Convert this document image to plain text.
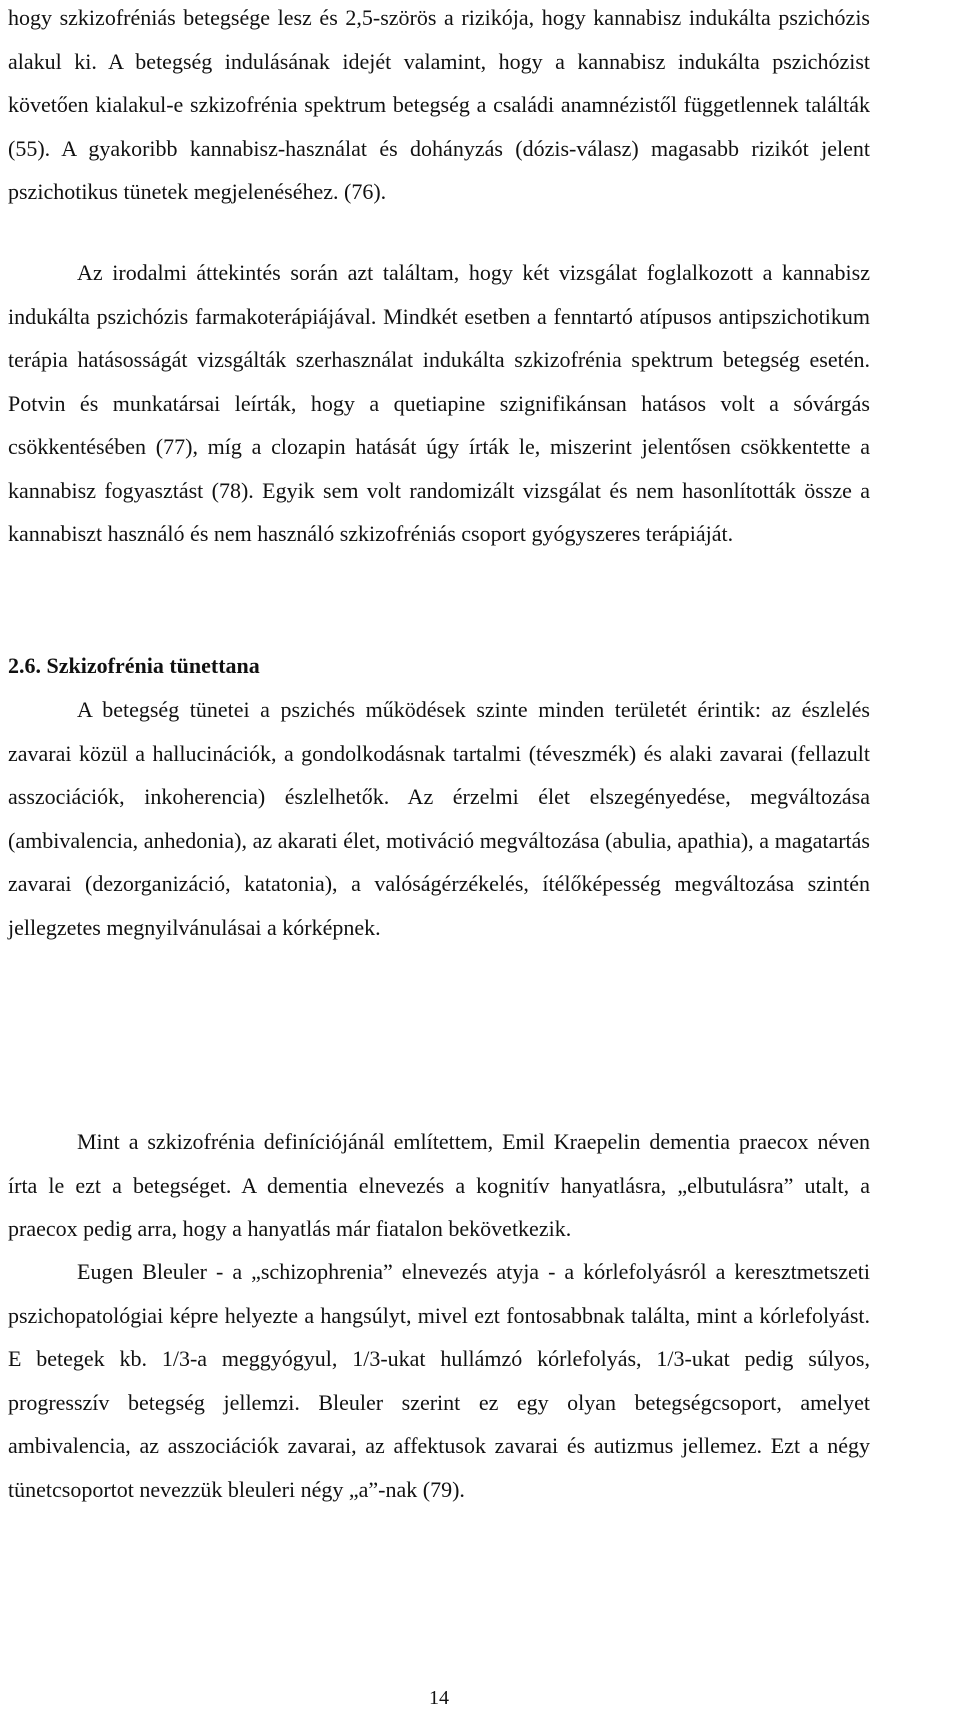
hogy szkizofréniás betegsége lesz és 2,5-szörös a rizikója, hogy kannabisz indukálta pszichózis alakul ki. A betegség indulásának idejét valamint, hogy a kannabisz indukálta pszichózist követően kialakul-e szkizofrénia spektrum betegség a családi anamnézistől függetlennek találták (55). A gyakoribb kannabisz-használat és dohányzás (dózis-válasz) magasabb rizikót jelent pszichotikus tünetek megjelenéséhez. (76).

Az irodalmi áttekintés során azt találtam, hogy két vizsgálat foglalkozott a kannabisz indukálta pszichózis farmakoterápiájával. Mindkét esetben a fenntartó atípusos antipszichotikum terápia hatásosságát vizsgálták szerhasználat indukálta szkizofrénia spektrum betegség esetén. Potvin és munkatársai leírták, hogy a quetiapine szignifikánsan hatásos volt a sóvárgás csökkentésében (77), míg a clozapin hatását úgy írták le, miszerint jelentősen csökkentette a kannabisz fogyasztást (78). Egyik sem volt randomizált vizsgálat és nem hasonlították össze a kannabiszt használó és nem használó szkizofréniás csoport gyógyszeres terápiáját.

2.6. Szkizofrénia tünettana

A betegség tünetei a pszichés működések szinte minden területét érintik: az észlelés zavarai közül a hallucinációk, a gondolkodásnak tartalmi (téveszmék) és alaki zavarai (fellazult asszociációk, inkoherencia) észlelhetők. Az érzelmi élet elszegényedése, megváltozása (ambivalencia, anhedonia), az akarati élet, motiváció megváltozása (abulia, apathia), a magatartás zavarai (dezorganizáció, katatonia), a valóságérzékelés, ítélőképesség megváltozása szintén jellegzetes megnyilvánulásai a kórképnek.

Mint a szkizofrénia definíciójánál említettem, Emil Kraepelin dementia praecox néven írta le ezt a betegséget. A dementia elnevezés a kognitív hanyatlásra, „elbutulásra” utalt, a praecox pedig arra, hogy a hanyatlás már fiatalon bekövetkezik.

Eugen Bleuler - a „schizophrenia” elnevezés atyja - a kórlefolyásról a keresztmetszeti pszichopatológiai képre helyezte a hangsúlyt, mivel ezt fontosabbnak találta, mint a kórlefolyást. E betegek kb. 1/3-a meggyógyul, 1/3-ukat hullámzó kórlefolyás, 1/3-ukat pedig súlyos, progresszív betegség jellemzi. Bleuler szerint ez egy olyan betegségcsoport, amelyet ambivalencia, az asszociációk zavarai, az affektusok zavarai és autizmus jellemez. Ezt a négy tünetcsoportot nevezzük bleuleri négy „a”-nak (79).

14
